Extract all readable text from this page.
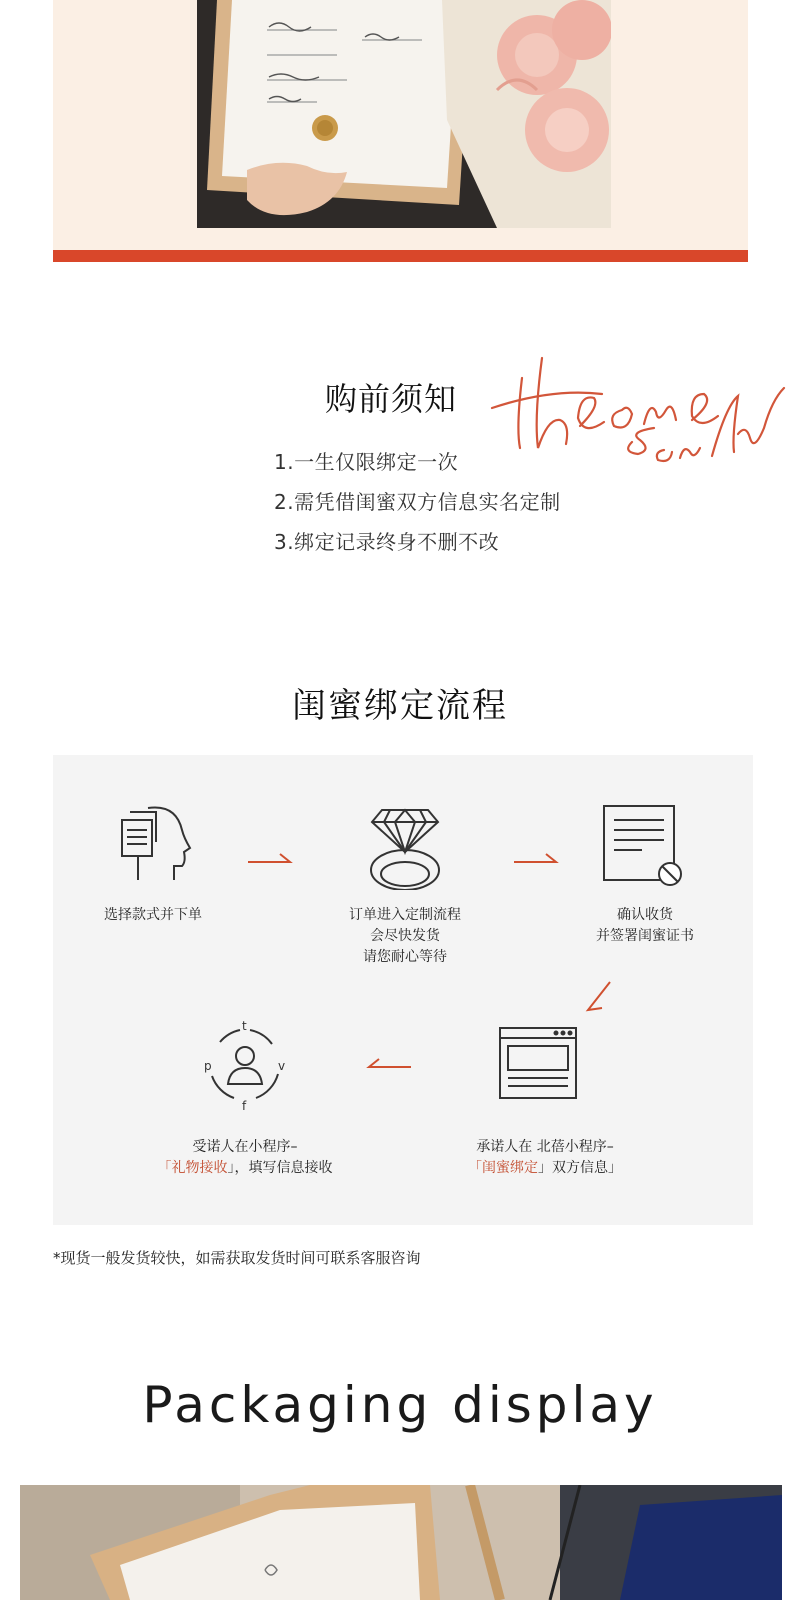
购前须知
1.一生仅限绑定一次
2.需凭借闺蜜双方信息实名定制
3.绑定记录终身不删不改
闺蜜绑定流程
选择款式并下单	订单进入定制流程
会尽快发货
请您耐心等待
确认收货
并签署闺蜜证书
承诺人在 北蓓小程序–
「闺蜜绑定」双方信息」
t
p	v
f
受诺人在小程序–
「礼物接收」，填写信息接收
*现货一般发货较快，如需获取发货时间可联系客服咨询
Packaging display
